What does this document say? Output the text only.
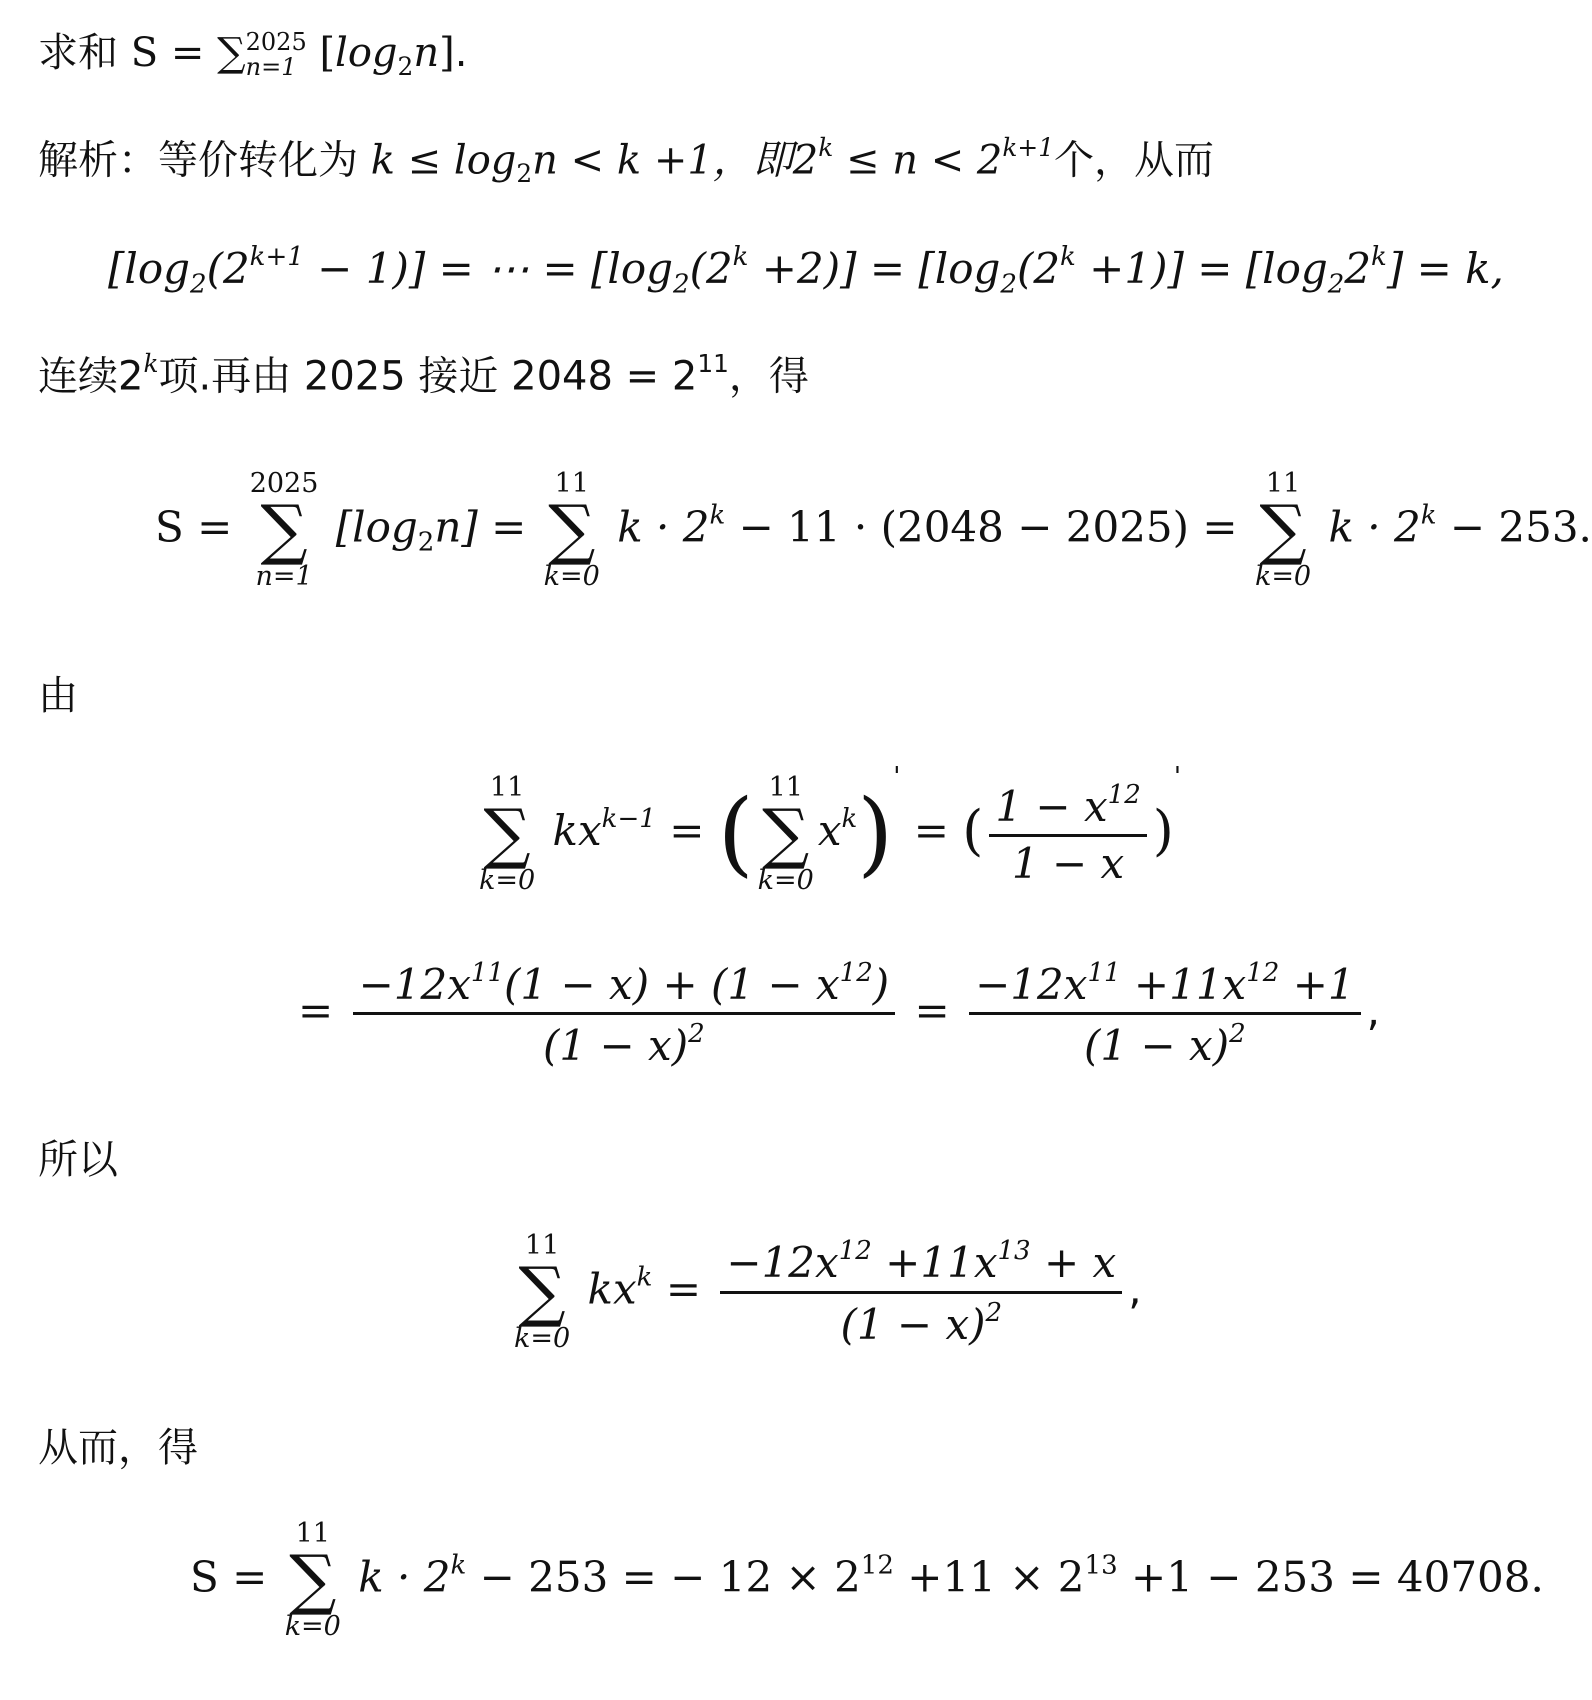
求和 S = ∑ 2025
n=1 $[\log_2n]$.
解析：等价转化为 $k \le \log_2n < k +1$，即$2^k \le n < 2^{k+1}$个，从而
$[\log_2(2^{k+1} - 1)]$ = ⋯ = $[\log_2(2^k +2)] = [\log_2(2^k +1)] = [\log_22^k] = k$,
连续2$^k$项.再由 2025 接近 $2048 = 2^{11}$，得
S =
2025
∑
n=1
$[\log_2n]$ =
11
∑
k=0
$k \cdot 2^k - 11 \cdot (2048 - 2025)$ =
11
∑
k=0
$k \cdot 2^k - 253$.
由
11
∑
k=0
$kx^{k-1}$ = ( 11
∑
k=0
$x^k)'$ = ( $\frac{1 - x^{12}}{1 - x} )'$
= $\frac{-12x^{11}(1 - x) + (1 - x^{12})}{(1 - x)^2} = \frac{-12x^{11} +11x^{12} +1}{(1 - x)^2}$ ,
所以
11
∑
k=0
$kx^k = \frac{-12x^{12} +11x^{13} + x}{(1 - x)^2}$ ,
从而，得
S =
11
∑
k=0
$k \cdot 2^k - 253$ = − $12 \times 2^{12} +11 \times 2^{13} +1 - 253 = 40708$.
